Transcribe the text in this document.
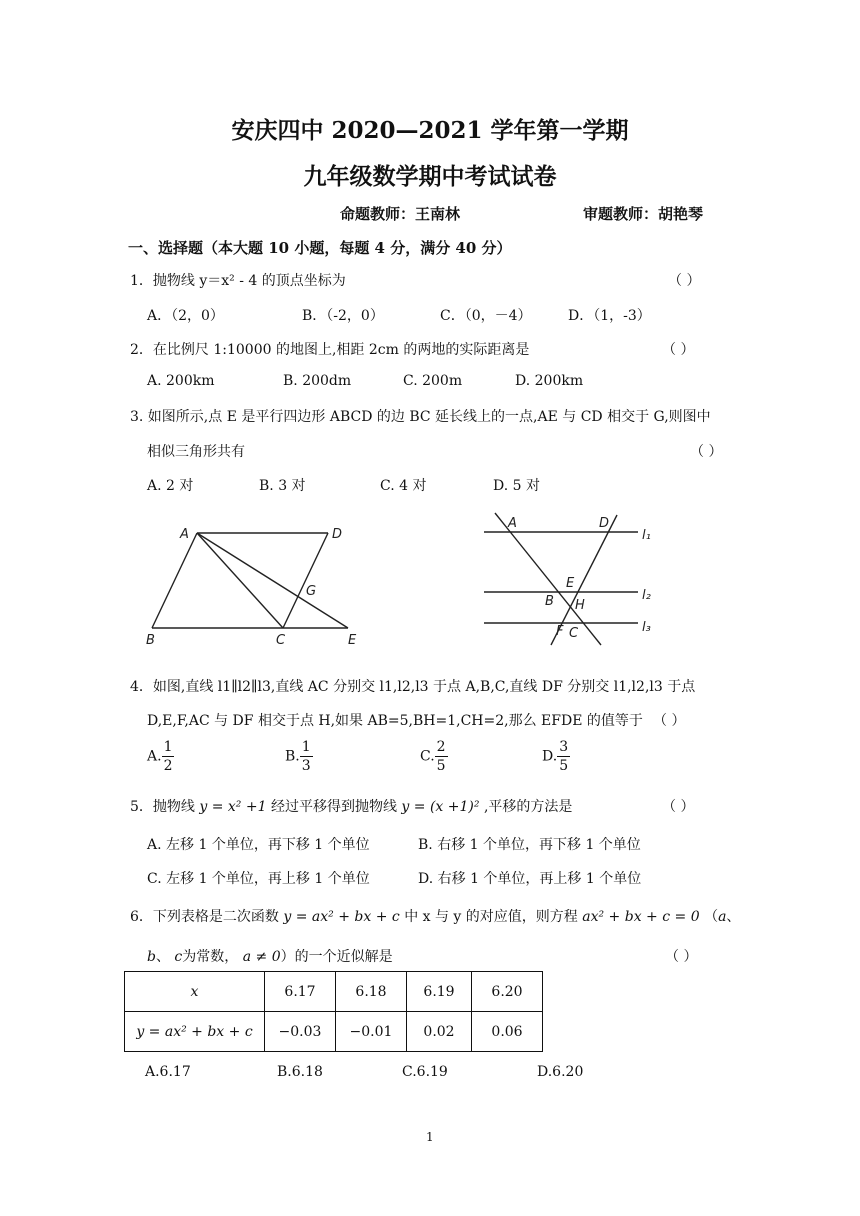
安庆四中 2020—2021 学年第一学期
九年级数学期中考试试卷
命题教师：王南林	审题教师：胡艳琴
一、选择题（本大题 10 小题，每题 4 分，满分 40 分）
1．抛物线 y＝x² - 4 的顶点坐标为	（ ）
A．（2，0）	B．（-2，0）	C．（0，－4）	D．（1，-3）
2．在比例尺 1:10000 的地图上,相距 2cm 的两地的实际距离是	（ ）
A. 200km	B. 200dm	C. 200m	D. 200km
3. 如图所示,点 E 是平行四边形 ABCD 的边 BC 延长线上的一点,AE 与 CD 相交于 G,则图中
相似三角形共有	（ ）
A. 2 对	B. 3 对	C. 4 对	D. 5 对
A	D
G
B	C	E
A	D
l₁
E
B H
l₂
F C	l₃
4．如图,直线 l1∥l2∥l3,直线 AC 分别交 l1,l2,l3 于点 A,B,C,直线 DF 分别交 l1,l2,l3 于点
D,E,F,AC 与 DF 相交于点 H,如果 AB=5,BH=1,CH=2,那么 EFDE 的值等于 （ ）
A. $\frac{1}{2}$	B. $\frac{1}{3}$	C. $\frac{2}{5}$	D. $\frac{3}{5}$
5．抛物线 y = x² +1 经过平移得到抛物线 y = (x +1)² ,平移的方法是	（ ）
A. 左移 1 个单位，再下移 1 个单位	B. 右移 1 个单位，再下移 1 个单位
C. 左移 1 个单位，再上移 1 个单位	D. 右移 1 个单位，再上移 1 个单位
6．下列表格是二次函数 y = ax² + bx + c 中 x 与 y 的对应值，则方程 ax² + bx + c = 0 （a、
b、 c为常数， a ≠ 0）的一个近似解是	（ ）
x	6.17	6.18	6.19	6.20
y = ax² + bx + c	−0.03	−0.01	0.02	0.06
A.6.17	B.6.18	C.6.19	D.6.20
1
